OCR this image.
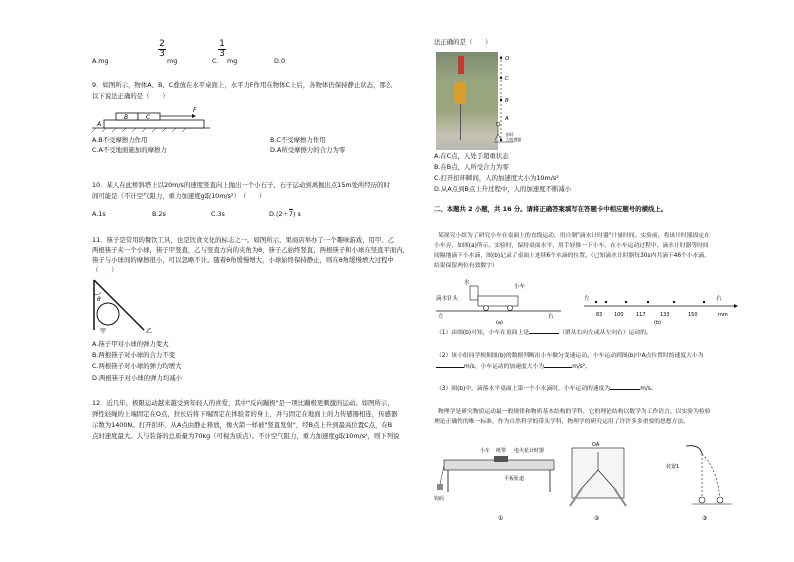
A.mg
2
3
mg	C.
1
3
mg	D.0
9．如图所示，物体A、B、C叠放在水平桌面上，水平力F作用在物体C上后，各物体仍保持静止状态，那么
以下说法正确的是（　　）
A
B	C
F
A.B不受摩擦力作用	B.C不受摩擦力作用
C.A不受地面施加的摩擦力	D.A所受摩擦力的合力为零
10．某人在此桥斜塔上以20m/s的速度竖直向上抛出一个小石子，石子运动到离抛出点15m处所经历的时
间可能是（不计空气阻力，重力加速度g取10m/s²）　（　　）
A.1s	B.2s	C.3s	D.(2＋7) s
11．筷子是常用的餐饮工具，也是饮食文化的标志之一。如图所示，果商店举办了一个趣味游戏，用甲、乙
两根筷子夹一个小球，筷子甲竖直，乙与竖直方向的夹角为θ，筷子乙始终竖直，两根筷子和小球在竖直平面内，
筷子与小球间的摩擦很小，可以忽略不计。随着θ角缓慢增大，小球始终保持静止，则在θ角缓慢增大过程中
（　　）
θ
甲	乙
A.筷子甲对小球的弹力变大
B.两根筷子对小球的合力不变
C.两根筷子对小球的弹力均增大
D.两根筷子对小球的弹力均减小
12．近几年，极限运动越来越受到年轻人的喜爱，其中"反向蹦极"是一项比蹦极更刺激的运动。如图所示，
弹性轻绳的上端固定在O点，拉长后将下端固定在体验者的身上，并与固定在地面上的力传感器相连，传感器
示数为1400N。打开扣环，从A点由静止释放，像火箭一样被"竖直发射"，经B点上升到最高位置C点，在B
点时速度最大。人与装备的总质量为70kg（可视为质点）。不计空气阻力，重力加速度g取10m/s²，则下列说
法正确的是（　　）
O
C
B
A
扣环
力传感器
A.在C点，人处于超重状态
B.在B点，人所受合力为零
C.打开扣环瞬间，人的加速度大小为10m/s²
D.从A点到B点上升过程中，人的加速度不断减小
二、本题共 2 小题，共 16 分。请将正确答案填写在答题卡中相应题号的横线上。
某探究小组为了研究小车在桌面上的直线运动，用自制"滴水计时器"计量时间。实验前，将该计时器固定在
小车旁，如图(a)所示。实验时，保持桌面水平，用手轻推一下小车。在小车运动过程中，滴水计时器等时间
间隔地滴下小水滴，图(b)记录了桌面上连续6个水滴的位置。（已知滴水计时器每30s内共滴下46个小水滴，
结果保留两位有效数字）
水
小车
滴水针头
左	右
(a)
左	右
83 100 117	133	150	mm
(b)
（1）由图(b)可知，小车在桌面上是	（填从右向左或从左向右）运动的。
（2）该小组同学根据图(b)的数据判断出小车做匀变速运动。小车运动到图(b)中A点位置时的速度大小为
m/s，小车运动的加速度大小为	m/s²。
（3）图(b)中，滴落水平桌面上第一个小水滴时，小车运动的速度为	m/s。
物理学是研究物质运动最一般规律和物质基本结构的学科，它的理论结构以数学为工作语言，以实验为检验
理论正确性的唯一标准，作为自然科学的带头学科，物理学的研究运用了许许多多重要的思想方法。
小车 纸带 电火花计时器
平板轨道
钩码
①
OA
②
装置1
③
